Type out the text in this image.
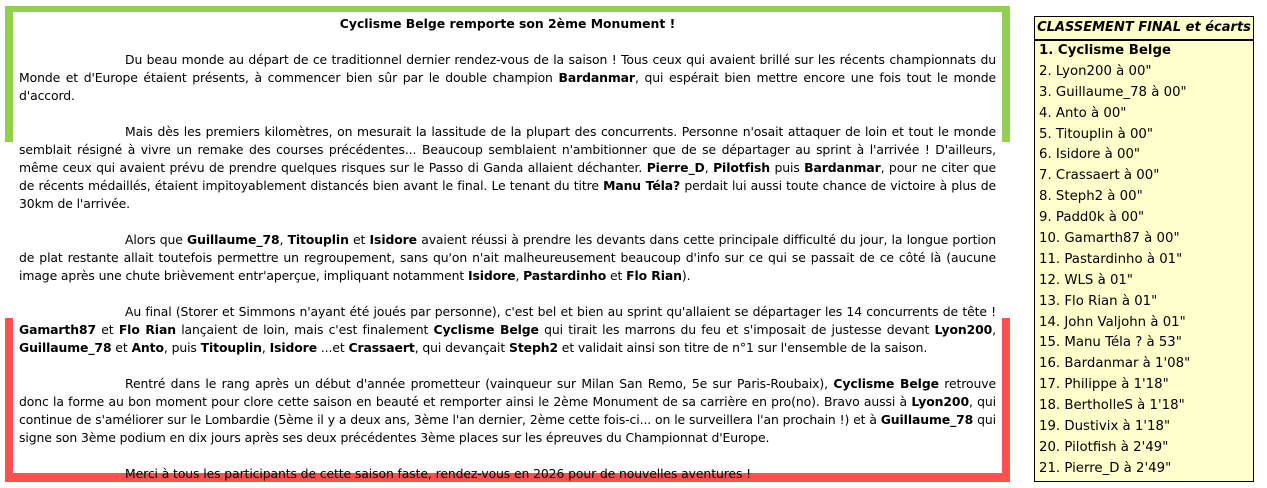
Cyclisme Belge remporte son 2ème Monument !

Du beau monde au départ de ce traditionnel dernier rendez-vous de la saison ! Tous ceux qui avaient brillé sur les récents championnats du Monde et d'Europe étaient présents, à commencer bien sûr par le double champion Bardanmar, qui espérait bien mettre encore une fois tout le monde d'accord.

Mais dès les premiers kilomètres, on mesurait la lassitude de la plupart des concurrents. Personne n'osait attaquer de loin et tout le monde semblait résigné à vivre un remake des courses précédentes... Beaucoup semblaient n'ambitionner que de se départager au sprint à l'arrivée ! D'ailleurs, même ceux qui avaient prévu de prendre quelques risques sur le Passo di Ganda allaient déchanter. Pierre_D, Pilotfish puis Bardanmar, pour ne citer que de récents médaillés, étaient impitoyablement distancés bien avant le final. Le tenant du titre Manu Téla? perdait lui aussi toute chance de victoire à plus de 30km de l'arrivée.

Alors que Guillaume_78, Titouplin et Isidore avaient réussi à prendre les devants dans cette principale difficulté du jour, la longue portion de plat restante allait toutefois permettre un regroupement, sans qu'on n'ait malheureusement beaucoup d'info sur ce qui se passait de ce côté là (aucune image après une chute brièvement entr'aperçue, impliquant notamment Isidore, Pastardinho et Flo Rian).

Au final (Storer et Simmons n'ayant été joués par personne), c'est bel et bien au sprint qu'allaient se départager les 14 concurrents de tête ! Gamarth87 et Flo Rian lançaient de loin, mais c'est finalement Cyclisme Belge qui tirait les marrons du feu et s'imposait de justesse devant Lyon200, Guillaume_78 et Anto, puis Titouplin, Isidore ...et Crassaert, qui devançait Steph2 et validait ainsi son titre de n°1 sur l'ensemble de la saison.

Rentré dans le rang après un début d'année prometteur (vainqueur sur Milan San Remo, 5e sur Paris-Roubaix), Cyclisme Belge retrouve donc la forme au bon moment pour clore cette saison en beauté et remporter ainsi le 2ème Monument de sa carrière en pro(no). Bravo aussi à Lyon200, qui continue de s'améliorer sur le Lombardie (5ème il y a deux ans, 3ème l'an dernier, 2ème cette fois-ci... on le surveillera l'an prochain !) et à Guillaume_78 qui signe son 3ème podium en dix jours après ses deux précédentes 3ème places sur les épreuves du Championnat d'Europe.

Merci à tous les participants de cette saison faste, rendez-vous en 2026 pour de nouvelles aventures !

CLASSEMENT FINAL et écarts
1. Cyclisme Belge
2. Lyon200 à 00"
3. Guillaume_78 à 00"
4. Anto à 00"
5. Titouplin à 00"
6. Isidore à 00"
7. Crassaert à 00"
8. Steph2 à 00"
9. Padd0k à 00"
10. Gamarth87 à 00"
11. Pastardinho à 01"
12. WLS à 01"
13. Flo Rian à 01"
14. John Valjohn à 01"
15. Manu Téla ? à 53"
16. Bardanmar à 1'08"
17. Philippe à 1'18"
18. BerthollеS à 1'18"
19. Dustivix à 1'18"
20. Pilotfish à 2'49"
21. Pierre_D à 2'49"
